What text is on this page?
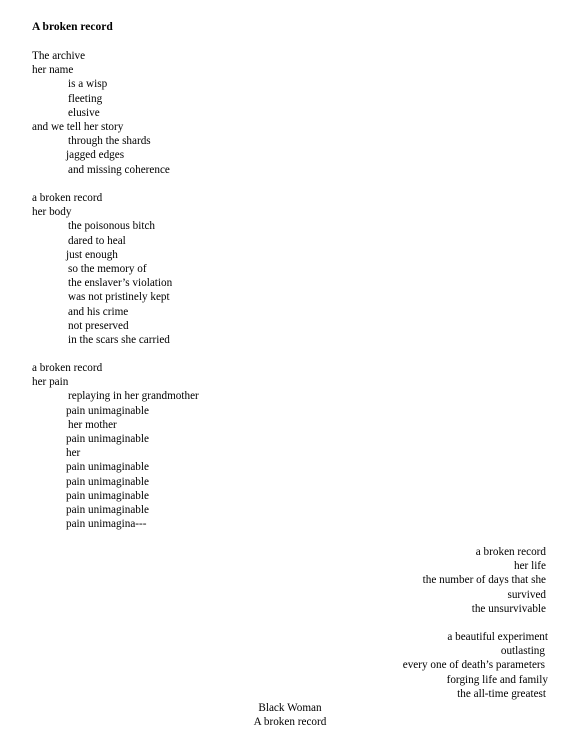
A broken record
The archive
her name
is a wisp
fleeting
elusive
and we tell her story
through the shards
jagged edges
and missing coherence
a broken record
her body
the poisonous bitch
dared to heal
just enough
so the memory of
the enslaver’s violation
was not pristinely kept
and his crime
not preserved
in the scars she carried
a broken record
her pain
replaying in her grandmother
pain unimaginable
her mother
pain unimaginable
her
pain unimaginable
pain unimaginable
pain unimaginable
pain unimaginable
pain unimagina---
a broken record
her life
the number of days that she
survived
the unsurvivable
a beautiful experiment
outlasting
every one of death’s parameters
forging life and family
the all-time greatest
Black Woman
A broken record
